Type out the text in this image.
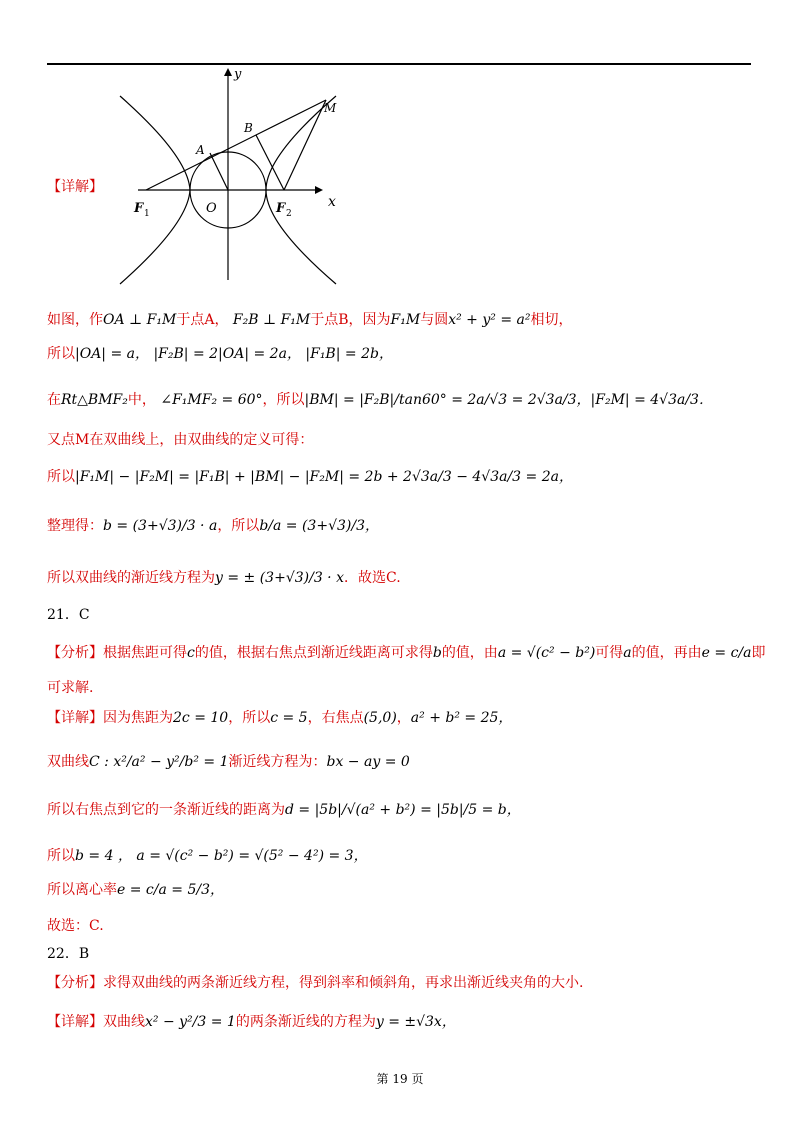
【详解】
y
x
M
B
A
O
F 1	F 2
如图，作OA ⊥ F₁M于点A， F₂B ⊥ F₁M于点B，因为F₁M与圆x² + y² = a²相切，
所以|OA| = a， |F₂B| = 2|OA| = 2a， |F₁B| = 2b，
在Rt△BMF₂中， ∠F₁MF₂ = 60°，所以|BM| = |F₂B|/tan60° = 2a/√3 = 2√3a/3，|F₂M| = 4√3a/3．
又点M在双曲线上，由双曲线的定义可得：
所以|F₁M| − |F₂M| = |F₁B| + |BM| − |F₂M| = 2b + 2√3a/3 − 4√3a/3 = 2a，
整理得：b = (3+√3)/3 · a，所以b/a = (3+√3)/3，
所以双曲线的渐近线方程为y = ± (3+√3)/3 · x．故选C.
21．C
【分析】根据焦距可得c的值，根据右焦点到渐近线距离可求得b的值，由a = √(c² − b²)可得a的值，再由e = c/a即
可求解.
【详解】因为焦距为2c = 10，所以c = 5，右焦点(5,0)，a² + b² = 25，
双曲线C : x²/a² − y²/b² = 1渐近线方程为：bx − ay = 0
所以右焦点到它的一条渐近线的距离为d = |5b|/√(a² + b²) = |5b|/5 = b，
所以b = 4 ， a = √(c² − b²) = √(5² − 4²) = 3，
所以离心率e = c/a = 5/3，
故选：C.
22．B
【分析】求得双曲线的两条渐近线方程，得到斜率和倾斜角，再求出渐近线夹角的大小.
【详解】双曲线x² − y²/3 = 1的两条渐近线的方程为y = ±√3x，
第 19 页
